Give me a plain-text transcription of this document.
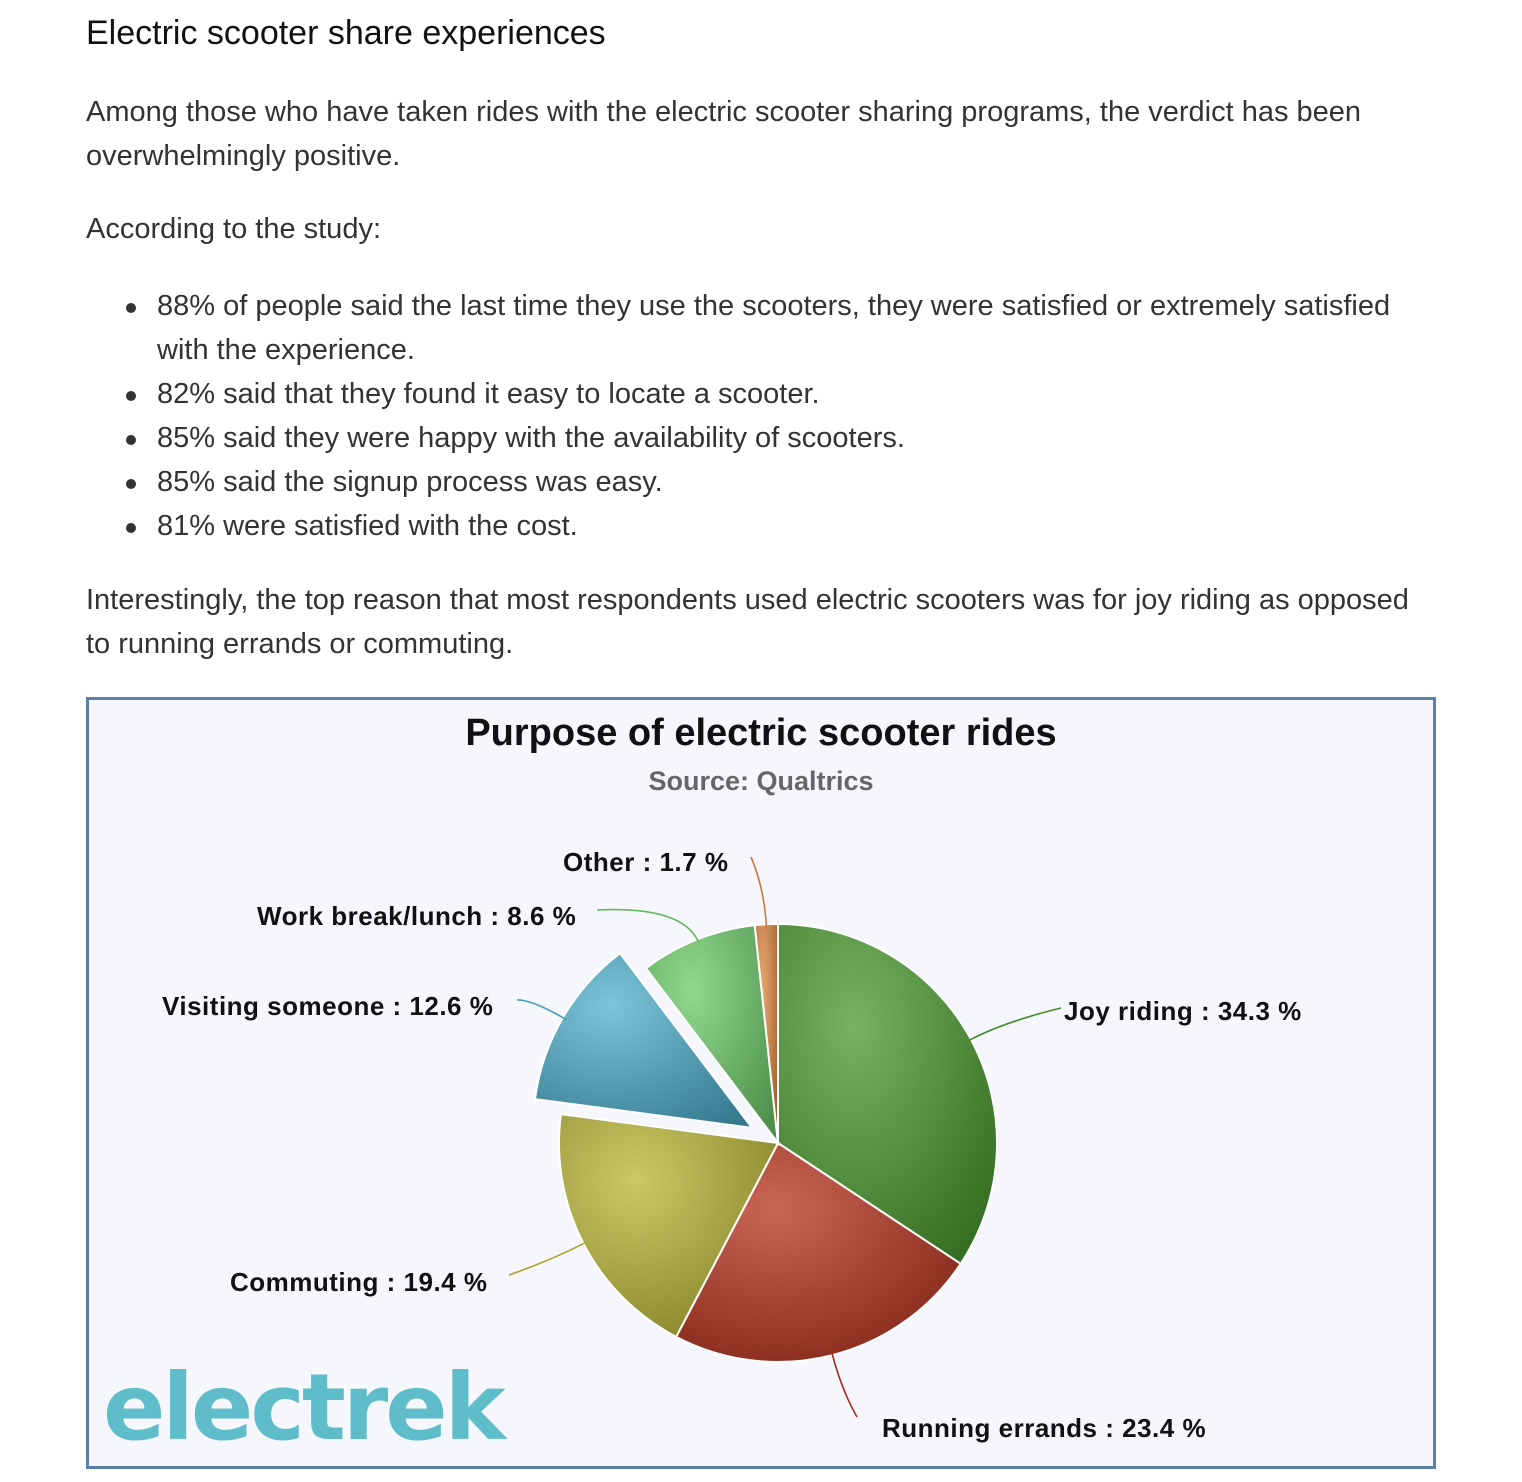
Electric scooter share experiences

Among those who have taken rides with the electric scooter sharing programs, the verdict has been overwhelmingly positive.

According to the study:

88% of people said the last time they use the scooters, they were satisfied or extremely satisfied with the experience.
82% said that they found it easy to locate a scooter.
85% said they were happy with the availability of scooters.
85% said the signup process was easy.
81% were satisfied with the cost.

Interestingly, the top reason that most respondents used electric scooters was for joy riding as opposed to running errands or commuting.

Purpose of electric scooter rides
Source: Qualtrics
Joy riding : 34.3 %
Running errands : 23.4 %
Commuting : 19.4 %
Visiting someone : 12.6 %
Work break/lunch : 8.6 %
Other : 1.7 %
electrek
